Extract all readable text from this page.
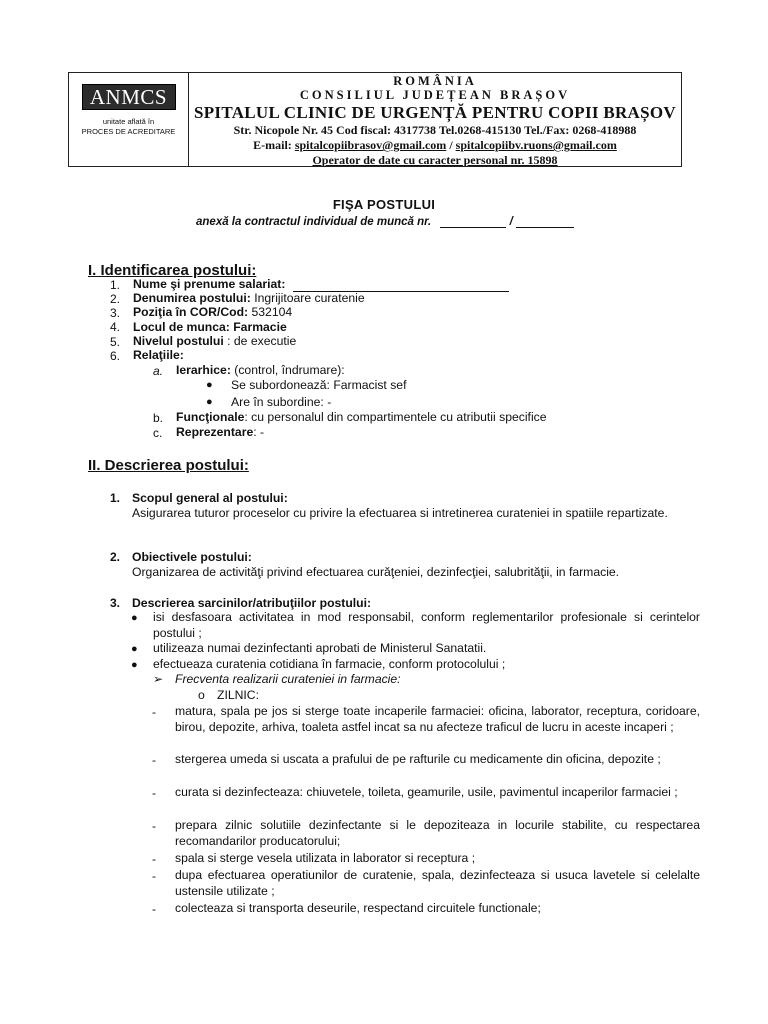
ANMCS
unitate aflată în
PROCES DE ACREDITARE
ROMÂNIA
CONSILIUL JUDEȚEAN BRAȘOV
SPITALUL CLINIC DE URGENȚĂ PENTRU COPII BRAȘOV
Str. Nicopole Nr. 45 Cod fiscal: 4317738 Tel.0268-415130 Tel./Fax: 0268-418988
E-mail: spitalcopiibrasov@gmail.com / spitalcopiibv.ruons@gmail.com
Operator de date cu caracter personal nr. 15898
FIŞA POSTULUI
anexă la contractul individual de muncă nr.	/
I. Identificarea postului:
1. Nume şi prenume salariat:
2. Denumirea postului: Ingrijitoare curatenie
3. Poziţia în COR/Cod: 532104
4. Locul de munca: Farmacie
5. Nivelul postului : de executie
6. Relaţiile:
a. Ierarhice: (control, îndrumare):
● Se subordonează: Farmacist sef
● Are în subordine: -
b. Funcţionale: cu personalul din compartimentele cu atributii specifice
c. Reprezentare: -
II. Descrierea postului:
1. Scopul general al postului:
Asigurarea tuturor proceselor cu privire la efectuarea si intretinerea curateniei in spatiile repartizate.
2. Obiectivele postului:
Organizarea de activităţi privind efectuarea curăţeniei, dezinfecţiei, salubrităţii, in farmacie.
3. Descrierea sarcinilor/atribuţiilor postului:
● isi desfasoara activitatea in mod responsabil, conform reglementarilor profesionale si cerintelor postului ;
● utilizeaza numai dezinfectanti aprobati de Ministerul Sanatatii.
● efectueaza curatenia cotidiana în farmacie, conform protocolului ;
➢ Frecventa realizarii curateniei in farmacie:
o ZILNIC:
- matura, spala pe jos si sterge toate incaperile farmaciei: oficina, laborator, receptura, coridoare, birou, depozite, arhiva, toaleta astfel incat sa nu afecteze traficul de lucru in aceste incaperi ;
- stergerea umeda si uscata a prafului de pe rafturile cu medicamente din oficina, depozite ;
- curata si dezinfecteaza: chiuvetele, toileta, geamurile, usile, pavimentul incaperilor farmaciei ;
- prepara zilnic solutiile dezinfectante si le depoziteaza in locurile stabilite, cu respectarea recomandarilor producatorului;
- spala si sterge vesela utilizata in laborator si receptura ;
- dupa efectuarea operatiunilor de curatenie, spala, dezinfecteaza si usuca lavetele si celelalte ustensile utilizate ;
- colecteaza si transporta deseurile, respectand circuitele functionale;
